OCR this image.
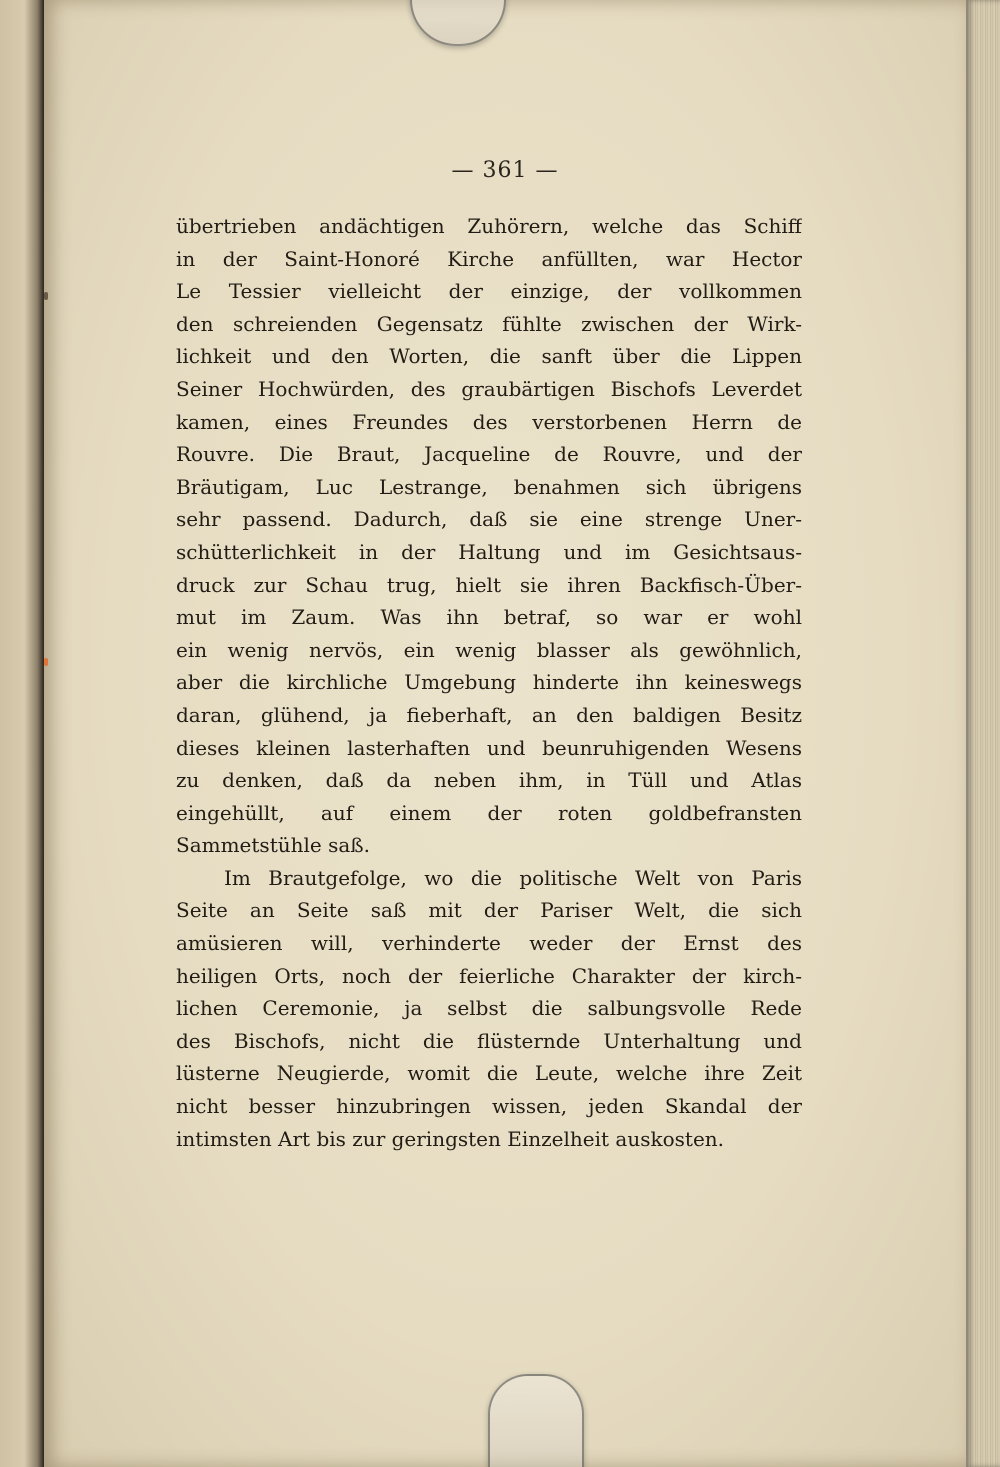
— 361 —
übertrieben andächtigen Zuhörern, welche das Schiff
in der Saint-Honoré Kirche anfüllten, war Hector
Le Tessier vielleicht der einzige, der vollkommen
den schreienden Gegensatz fühlte zwischen der Wirk-
lichkeit und den Worten, die sanft über die Lippen
Seiner Hochwürden, des graubärtigen Bischofs Leverdet
kamen, eines Freundes des verstorbenen Herrn de
Rouvre. Die Braut, Jacqueline de Rouvre, und der
Bräutigam, Luc Lestrange, benahmen sich übrigens
sehr passend. Dadurch, daß sie eine strenge Uner-
schütterlichkeit in der Haltung und im Gesichtsaus-
druck zur Schau trug, hielt sie ihren Backfisch-Über-
mut im Zaum. Was ihn betraf, so war er wohl
ein wenig nervös, ein wenig blasser als gewöhnlich,
aber die kirchliche Umgebung hinderte ihn keineswegs
daran, glühend, ja fieberhaft, an den baldigen Besitz
dieses kleinen lasterhaften und beunruhigenden Wesens
zu denken, daß da neben ihm, in Tüll und Atlas
eingehüllt, auf einem der roten goldbefransten
Sammetstühle saß.
Im Brautgefolge, wo die politische Welt von Paris
Seite an Seite saß mit der Pariser Welt, die sich
amüsieren will, verhinderte weder der Ernst des
heiligen Orts, noch der feierliche Charakter der kirch-
lichen Ceremonie, ja selbst die salbungsvolle Rede
des Bischofs, nicht die flüsternde Unterhaltung und
lüsterne Neugierde, womit die Leute, welche ihre Zeit
nicht besser hinzubringen wissen, jeden Skandal der
intimsten Art bis zur geringsten Einzelheit auskosten.
